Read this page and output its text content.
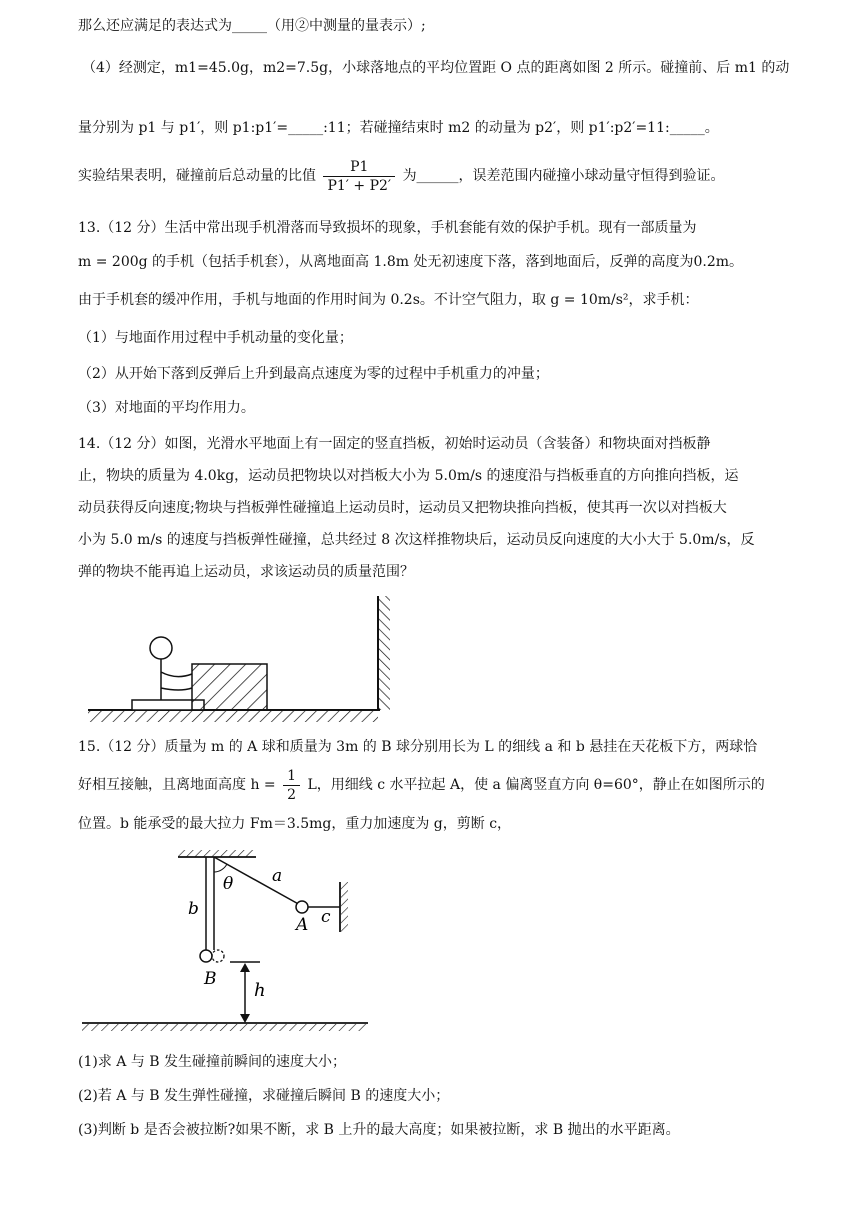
那么还应满足的表达式为_____（用②中测量的量表示）;
（4）经测定，m1=45.0g，m2=7.5g，小球落地点的平均位置距 O 点的距离如图 2 所示。碰撞前、后 m1 的动
量分别为 p1 与 p1′，则 p1:p1′=_____:11；若碰撞结束时 m2 的动量为 p2′，则 p1′:p2′=11:_____。
实验结果表明，碰撞前后总动量的比值 $\frac{P1}{P1' + P2'}$ 为______，误差范围内碰撞小球动量守恒得到验证。
13.（12 分）生活中常出现手机滑落而导致损坏的现象，手机套能有效的保护手机。现有一部质量为
m = 200g 的手机（包括手机套），从离地面高 1.8m 处无初速度下落，落到地面后，反弹的高度为0.2m。
由于手机套的缓冲作用，手机与地面的作用时间为 0.2s。不计空气阻力，取 g = 10m/s²，求手机：
（1）与地面作用过程中手机动量的变化量；
（2）从开始下落到反弹后上升到最高点速度为零的过程中手机重力的冲量；
（3）对地面的平均作用力。
14.（12 分）如图，光滑水平地面上有一固定的竖直挡板，初始时运动员（含装备）和物块面对挡板静
止，物块的质量为 4.0kg，运动员把物块以对挡板大小为 5.0m/s 的速度沿与挡板垂直的方向推向挡板，运
动员获得反向速度;物块与挡板弹性碰撞追上运动员时，运动员又把物块推向挡板，使其再一次以对挡板大
小为 5.0 m/s 的速度与挡板弹性碰撞，总共经过 8 次这样推物块后，运动员反向速度的大小大于 5.0m/s，反
弹的物块不能再追上运动员，求该运动员的质量范围？
15.（12 分）质量为 m 的 A 球和质量为 3m 的 B 球分别用长为 L 的细线 a 和 b 悬挂在天花板下方，两球恰
好相互接触，且离地面高度 $h = \frac{1}{2}$ L，用细线 c 水平拉起 A，使 a 偏离竖直方向 θ=60°，静止在如图所示的
位置。b 能承受的最大拉力 Fm＝3.5mg，重力加速度为 g，剪断 c，
θ a
A c
b
B
h
(1)求 A 与 B 发生碰撞前瞬间的速度大小；
(2)若 A 与 B 发生弹性碰撞，求碰撞后瞬间 B 的速度大小；
(3)判断 b 是否会被拉断?如果不断，求 B 上升的最大高度；如果被拉断，求 B 抛出的水平距离。
